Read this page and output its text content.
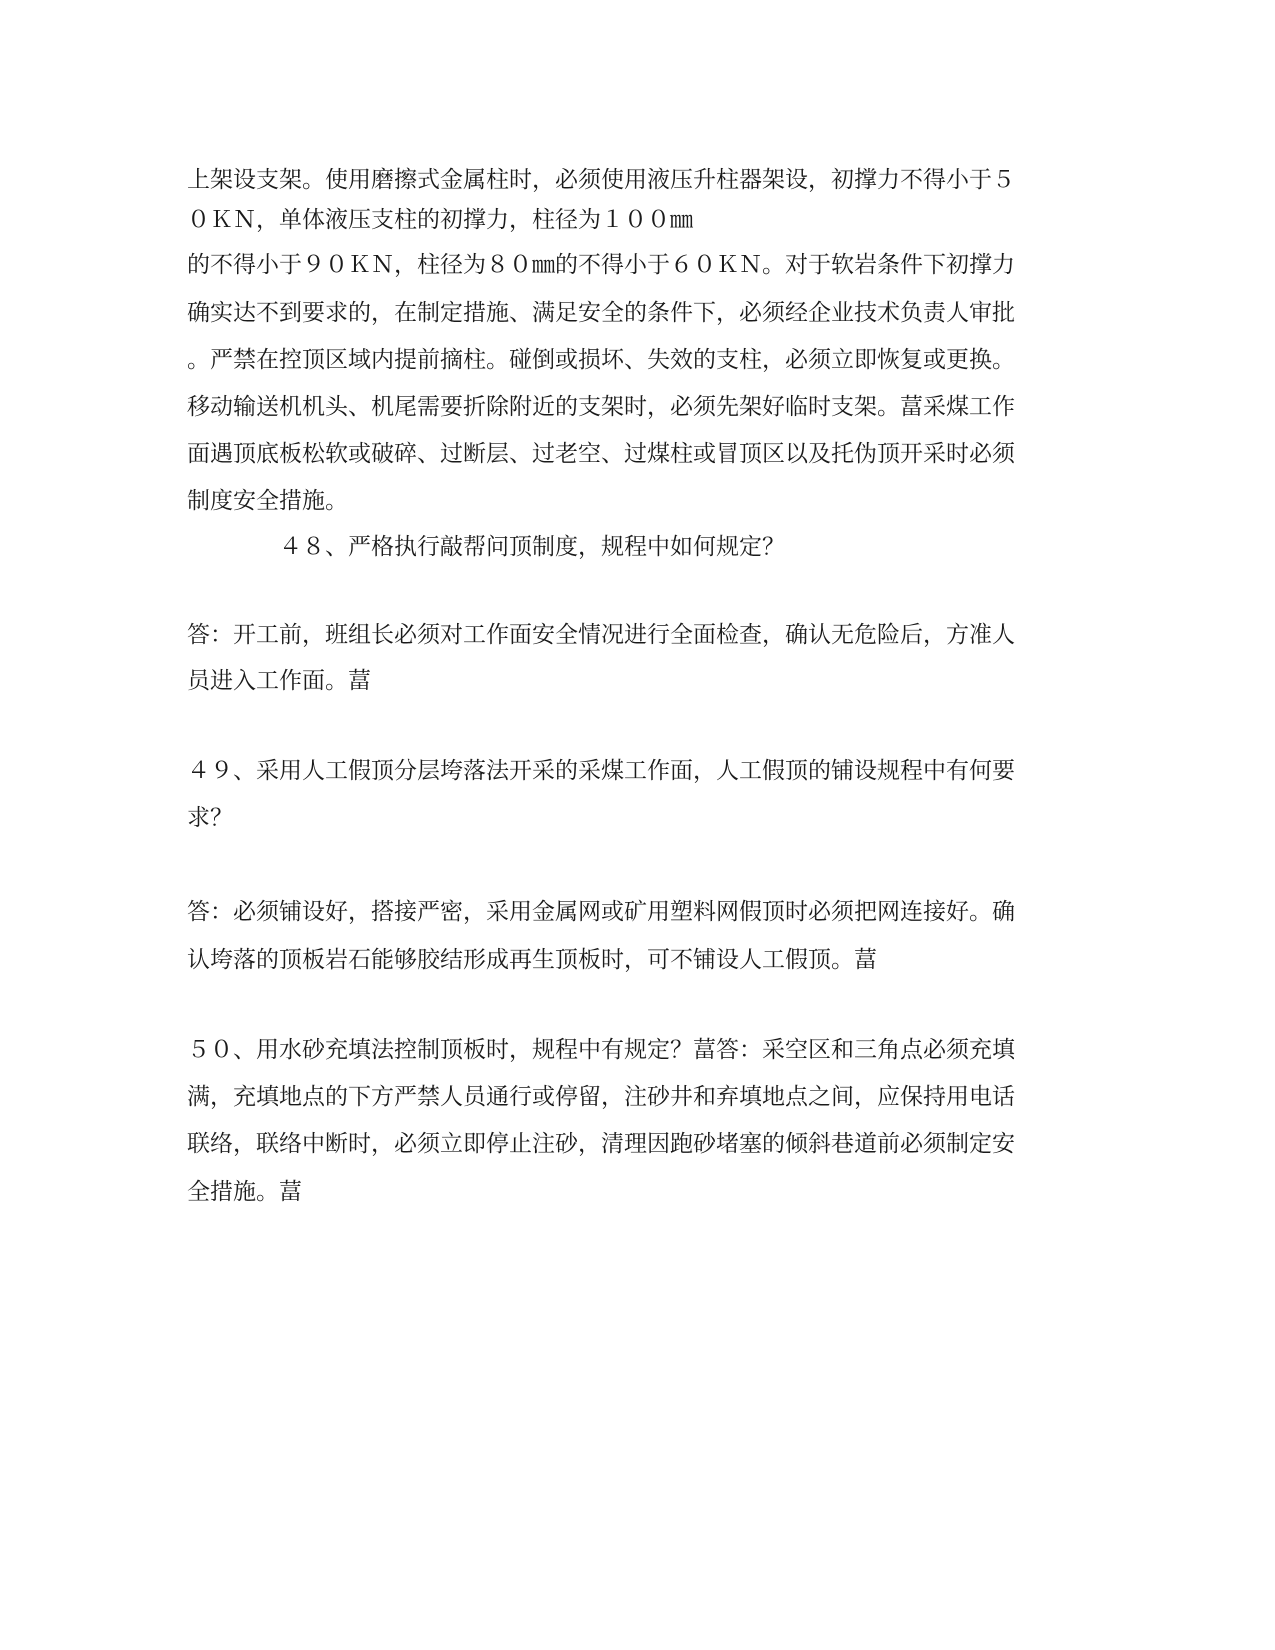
上架设支架。使用磨擦式金属柱时，必须使用液压升柱器架设，初撑力不得小于５
０ＫＮ，单体液压支柱的初撑力，柱径为１００㎜
的不得小于９０ＫＮ，柱径为８０㎜的不得小于６０ＫＮ。对于软岩条件下初撑力
确实达不到要求的，在制定措施、满足安全的条件下，必须经企业技术负责人审批
。严禁在控顶区域内提前摘柱。碰倒或损坏、失效的支柱，必须立即恢复或更换。
移动输送机机头、机尾需要折除附近的支架时，必须先架好临时支架。葍采煤工作
面遇顶底板松软或破碎、过断层、过老空、过煤柱或冒顶区以及托伪顶开采时必须
制度安全措施。
　　　　４８、严格执行敲帮问顶制度，规程中如何规定？
答：开工前，班组长必须对工作面安全情况进行全面检查，确认无危险后，方准人
员进入工作面。葍
４９、采用人工假顶分层垮落法开采的采煤工作面，人工假顶的铺设规程中有何要
求？
答：必须铺设好，搭接严密，采用金属网或矿用塑料网假顶时必须把网连接好。确
认垮落的顶板岩石能够胶结形成再生顶板时，可不铺设人工假顶。葍
５０、用水砂充填法控制顶板时，规程中有规定？葍答：采空区和三角点必须充填
满，充填地点的下方严禁人员通行或停留，注砂井和弃填地点之间，应保持用电话
联络，联络中断时，必须立即停止注砂，清理因跑砂堵塞的倾斜巷道前必须制定安
全措施。葍
